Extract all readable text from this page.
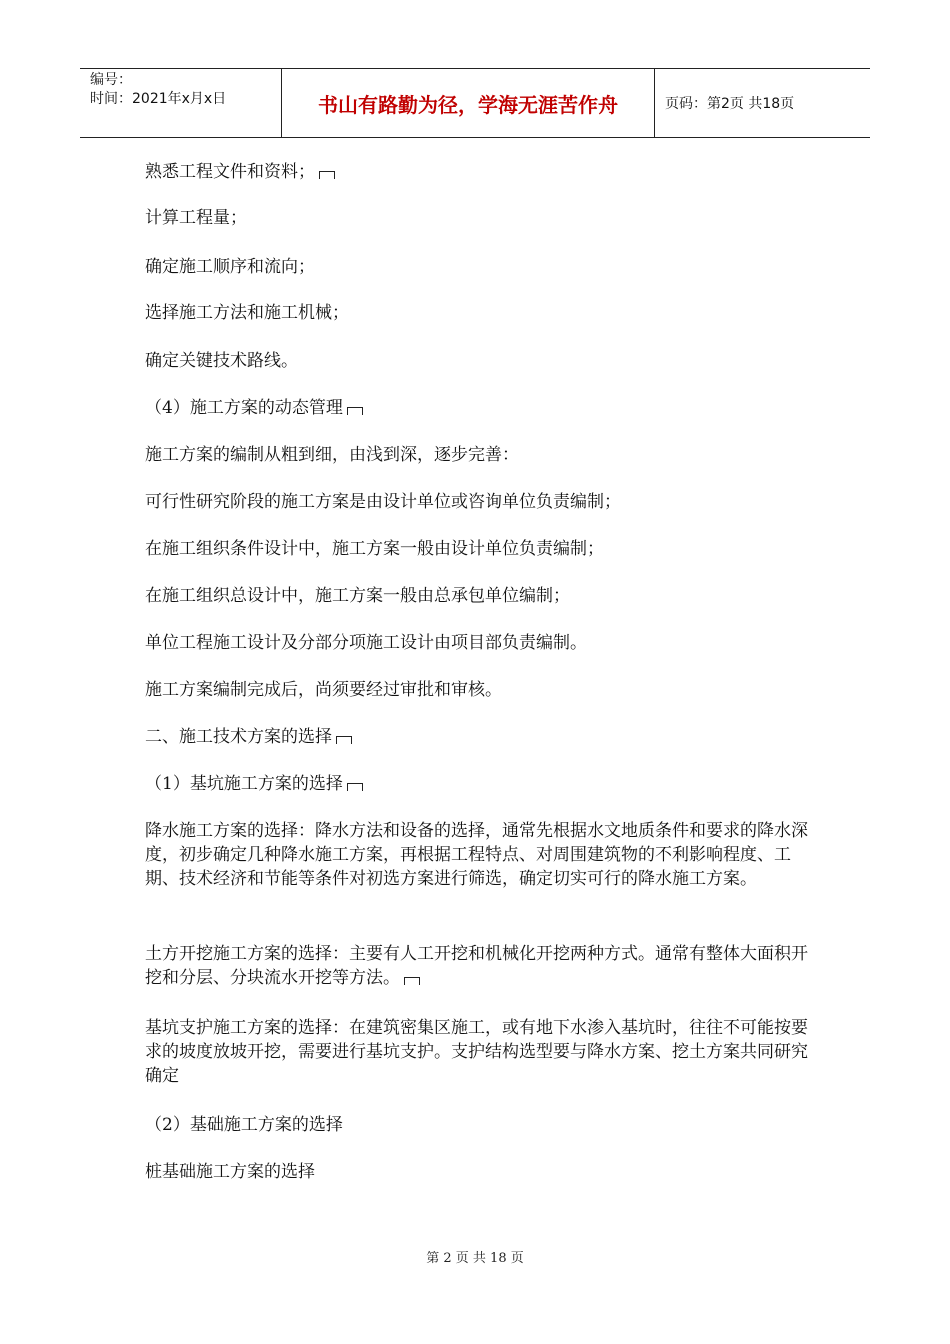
编号：
时间：2021年x月x日	书山有路勤为径，学海无涯苦作舟	页码：第2页 共18页

熟悉工程文件和资料；

计算工程量；

确定施工顺序和流向；

选择施工方法和施工机械；

确定关键技术路线。

（4）施工方案的动态管理

施工方案的编制从粗到细，由浅到深，逐步完善：

可行性研究阶段的施工方案是由设计单位或咨询单位负责编制；

在施工组织条件设计中，施工方案一般由设计单位负责编制；

在施工组织总设计中，施工方案一般由总承包单位编制；

单位工程施工设计及分部分项施工设计由项目部负责编制。

施工方案编制完成后，尚须要经过审批和审核。

二、施工技术方案的选择

（1）基坑施工方案的选择

降水施工方案的选择：降水方法和设备的选择，通常先根据水文地质条件和要求的降水深度，初步确定几种降水施工方案，再根据工程特点、对周围建筑物的不利影响程度、工期、技术经济和节能等条件对初选方案进行筛选，确定切实可行的降水施工方案。

土方开挖施工方案的选择：主要有人工开挖和机械化开挖两种方式。通常有整体大面积开挖和分层、分块流水开挖等方法。

基坑支护施工方案的选择：在建筑密集区施工，或有地下水渗入基坑时，往往不可能按要求的坡度放坡开挖，需要进行基坑支护。支护结构选型要与降水方案、挖土方案共同研究确定

（2）基础施工方案的选择

桩基础施工方案的选择

第 2 页 共 18 页
